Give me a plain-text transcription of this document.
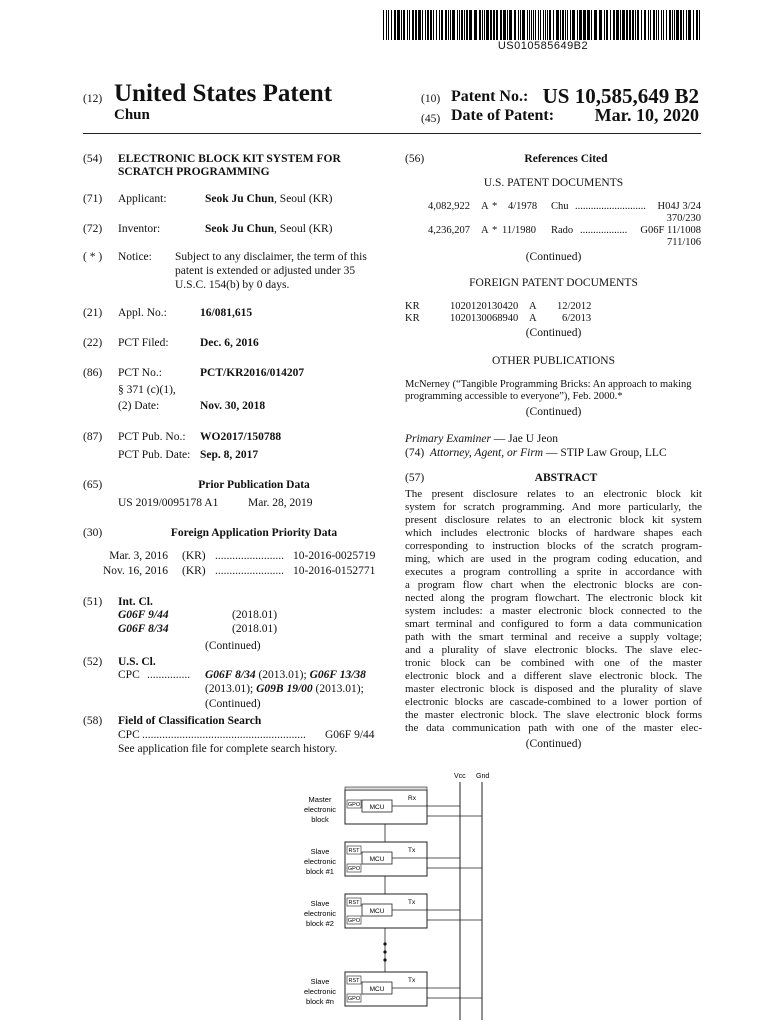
US010585649B2
(12) United States Patent
Chun
(10) Patent No.: US 10,585,649 B2
(45) Date of Patent: Mar. 10, 2020
(54) ELECTRONIC BLOCK KIT SYSTEM FOR
SCRATCH PROGRAMMING
(71) Applicant:	Seok Ju Chun, Seoul (KR)
(72) Inventor:	Seok Ju Chun, Seoul (KR)
( * ) Notice: Subject to any disclaimer, the term of this
patent is extended or adjusted under 35
U.S.C. 154(b) by 0 days.
(21) Appl. No.:	16/081,615
(22) PCT Filed:	Dec. 6, 2016
(86) PCT No.:	PCT/KR2016/014207
§ 371 (c)(1),
(2) Date:	Nov. 30, 2018
(87) PCT Pub. No.: WO2017/150788
PCT Pub. Date: Sep. 8, 2017
(65)	Prior Publication Data
US 2019/0095178 A1	Mar. 28, 2019
(30)	Foreign Application Priority Data
Mar. 3, 2016 (KR) ........................ 10-2016-0025719
Nov. 16, 2016 (KR) ........................ 10-2016-0152771
(51) Int. Cl.
G06F 9/44	(2018.01)
G06F 8/34	(2018.01)
(Continued)
(52) U.S. Cl.
CPC ............... G06F 8/34 (2013.01); G06F 13/38
(2013.01); G09B 19/00 (2013.01);
(Continued)
(58) Field of Classification Search
CPC ......................................................... G06F 9/44
See application file for complete search history.
(56)	References Cited
U.S. PATENT DOCUMENTS
4,082,922 A * 4/1978 Chu ........................... H04J 3/24
370/230
4,236,207 A * 11/1980 Rado .................. G06F 11/1008
711/106
(Continued)
FOREIGN PATENT DOCUMENTS
KR	1020120130420 A 12/2012
KR	1020130068940 A 6/2013
(Continued)
OTHER PUBLICATIONS
McNerney (“Tangible Programming Bricks: An approach to making
programming accessible to everyone”), Feb. 2000.*
(Continued)
Primary Examiner — Jae U Jeon
(74) Attorney, Agent, or Firm — STIP Law Group, LLC
(57)	ABSTRACT
The present disclosure relates to an electronic block kit
system for scratch programming. And more particularly, the
present disclosure relates to an electronic block kit system
which includes electronic blocks of hardware shapes each
corresponding to instruction blocks of the scratch program-
ming, which are used in the program coding education, and
executes a program controlling a sprite in accordance with
a program flow chart when the electronic blocks are con-
nected along the program flowchart. The electronic block kit
system includes: a master electronic block connected to the
smart terminal and configured to form a data communication
path with the smart terminal and receive a supply voltage;
and a plurality of slave electronic blocks. The slave elec-
tronic block can be combined with one of the master
electronic block and a different slave electronic block. The
master electronic block is disposed and the plurality of slave
electronic blocks are cascade-combined to a lower portion of
the master electronic block. The slave electronic block forms
the data communication path with one of the master elec-
(Continued)
Vcc Gnd
Master
electronic
block
MCU
GPO
Rx
Slave
electronic
block #1
MCU
RST
GPO
Tx
Slave
electronic
block #2
MCU
RST
GPO
Tx
Slave
electronic
block #n
MCU
RST
GPO
Tx
